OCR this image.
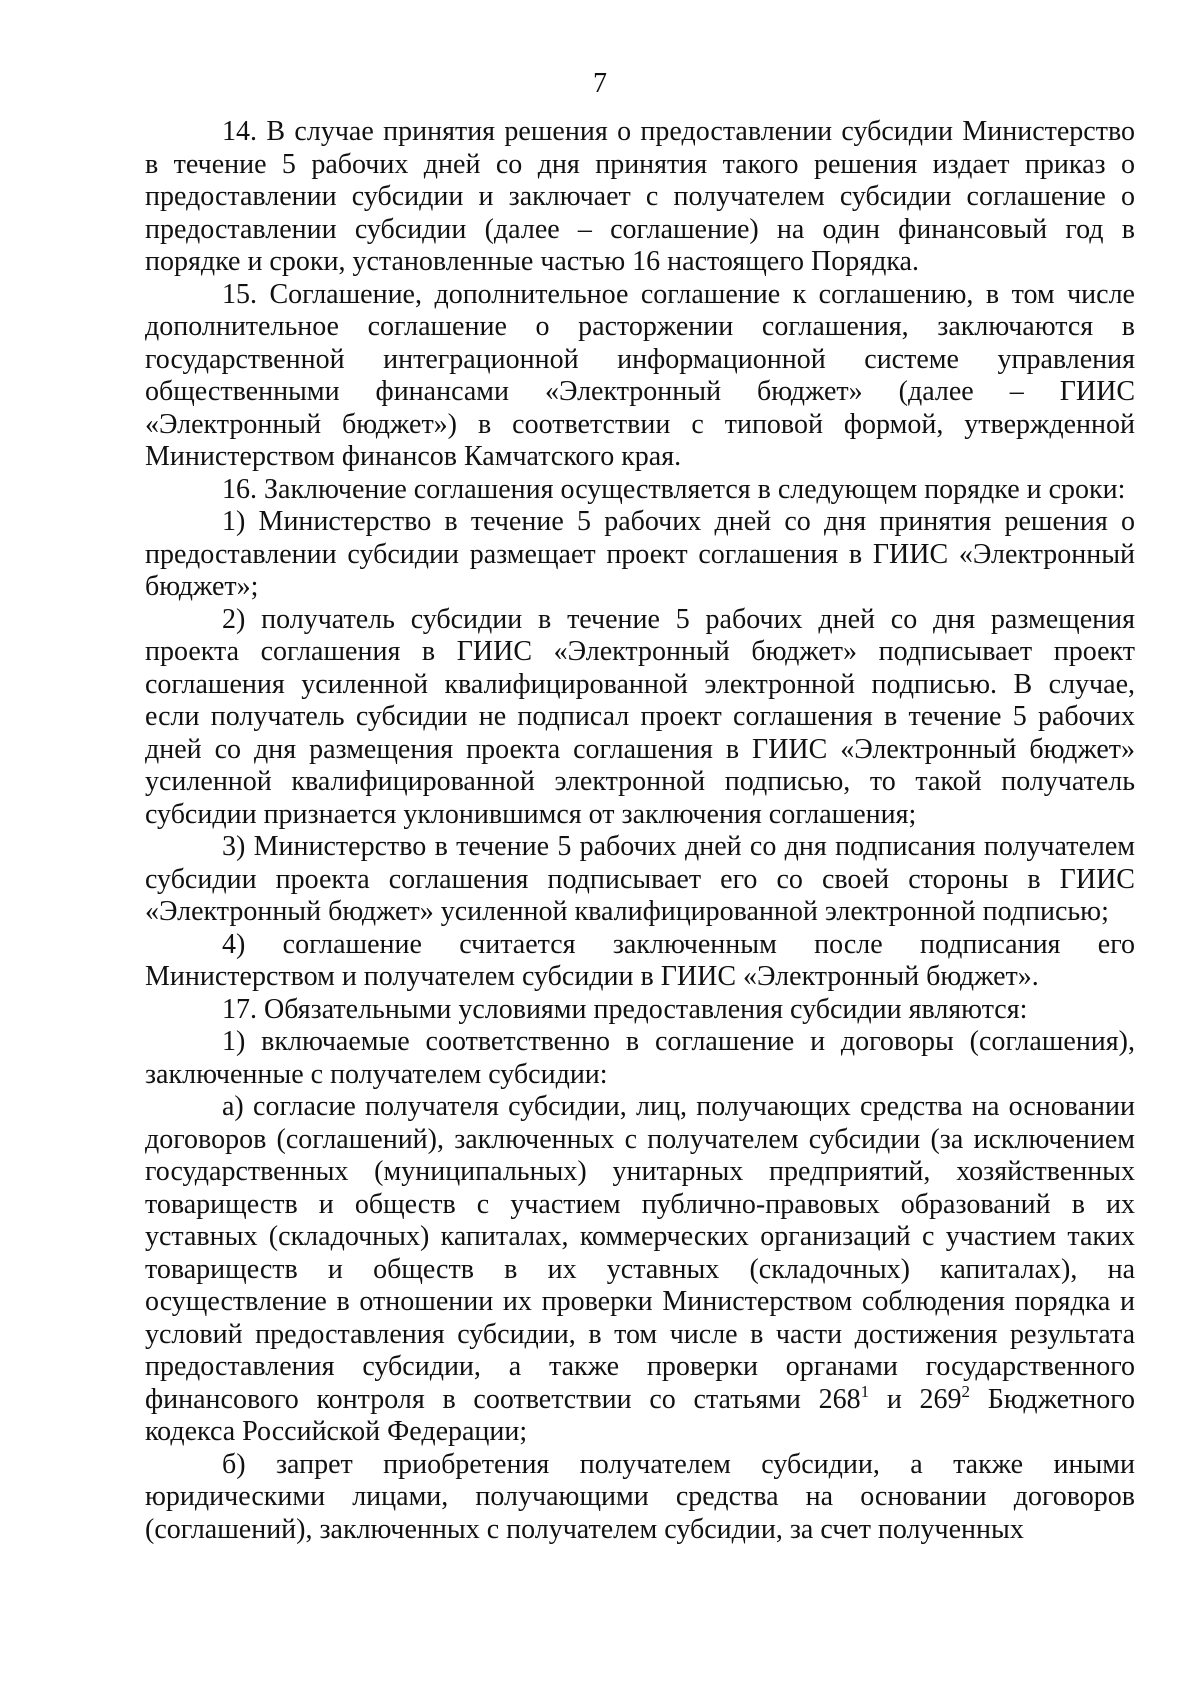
7

14. В случае принятия решения о предоставлении субсидии Министерство в течение 5 рабочих дней со дня принятия такого решения издает приказ о предоставлении субсидии и заключает с получателем субсидии соглашение о предоставлении субсидии (далее – соглашение) на один финансовый год в порядке и сроки, установленные частью 16 настоящего Порядка.

15. Соглашение, дополнительное соглашение к соглашению, в том числе дополнительное соглашение о расторжении соглашения, заключаются в государственной интеграционной информационной системе управления общественными финансами «Электронный бюджет» (далее – ГИИС «Электронный бюджет») в соответствии с типовой формой, утвержденной Министерством финансов Камчатского края.

16. Заключение соглашения осуществляется в следующем порядке и сроки:

1) Министерство в течение 5 рабочих дней со дня принятия решения о предоставлении субсидии размещает проект соглашения в ГИИС «Электронный бюджет»;

2) получатель субсидии в течение 5 рабочих дней со дня размещения проекта соглашения в ГИИС «Электронный бюджет» подписывает проект соглашения усиленной квалифицированной электронной подписью. В случае, если получатель субсидии не подписал проект соглашения в течение 5 рабочих дней со дня размещения проекта соглашения в ГИИС «Электронный бюджет» усиленной квалифицированной электронной подписью, то такой получатель субсидии признается уклонившимся от заключения соглашения;

3) Министерство в течение 5 рабочих дней со дня подписания получателем субсидии проекта соглашения подписывает его со своей стороны в ГИИС «Электронный бюджет» усиленной квалифицированной электронной подписью;

4) соглашение считается заключенным после подписания его Министерством и получателем субсидии в ГИИС «Электронный бюджет».

17. Обязательными условиями предоставления субсидии являются:

1) включаемые соответственно в соглашение и договоры (соглашения), заключенные с получателем субсидии:

а) согласие получателя субсидии, лиц, получающих средства на основании договоров (соглашений), заключенных с получателем субсидии (за исключением государственных (муниципальных) унитарных предприятий, хозяйственных товариществ и обществ с участием публично-правовых образований в их уставных (складочных) капиталах, коммерческих организаций с участием таких товариществ и обществ в их уставных (складочных) капиталах), на осуществление в отношении их проверки Министерством соблюдения порядка и условий предоставления субсидии, в том числе в части достижения результата предоставления субсидии, а также проверки органами государственного финансового контроля в соответствии со статьями $268^1$ и $269^2$ Бюджетного кодекса Российской Федерации;

б) запрет приобретения получателем субсидии, а также иными юридическими лицами, получающими средства на основании договоров (соглашений), заключенных с получателем субсидии, за счет полученных
